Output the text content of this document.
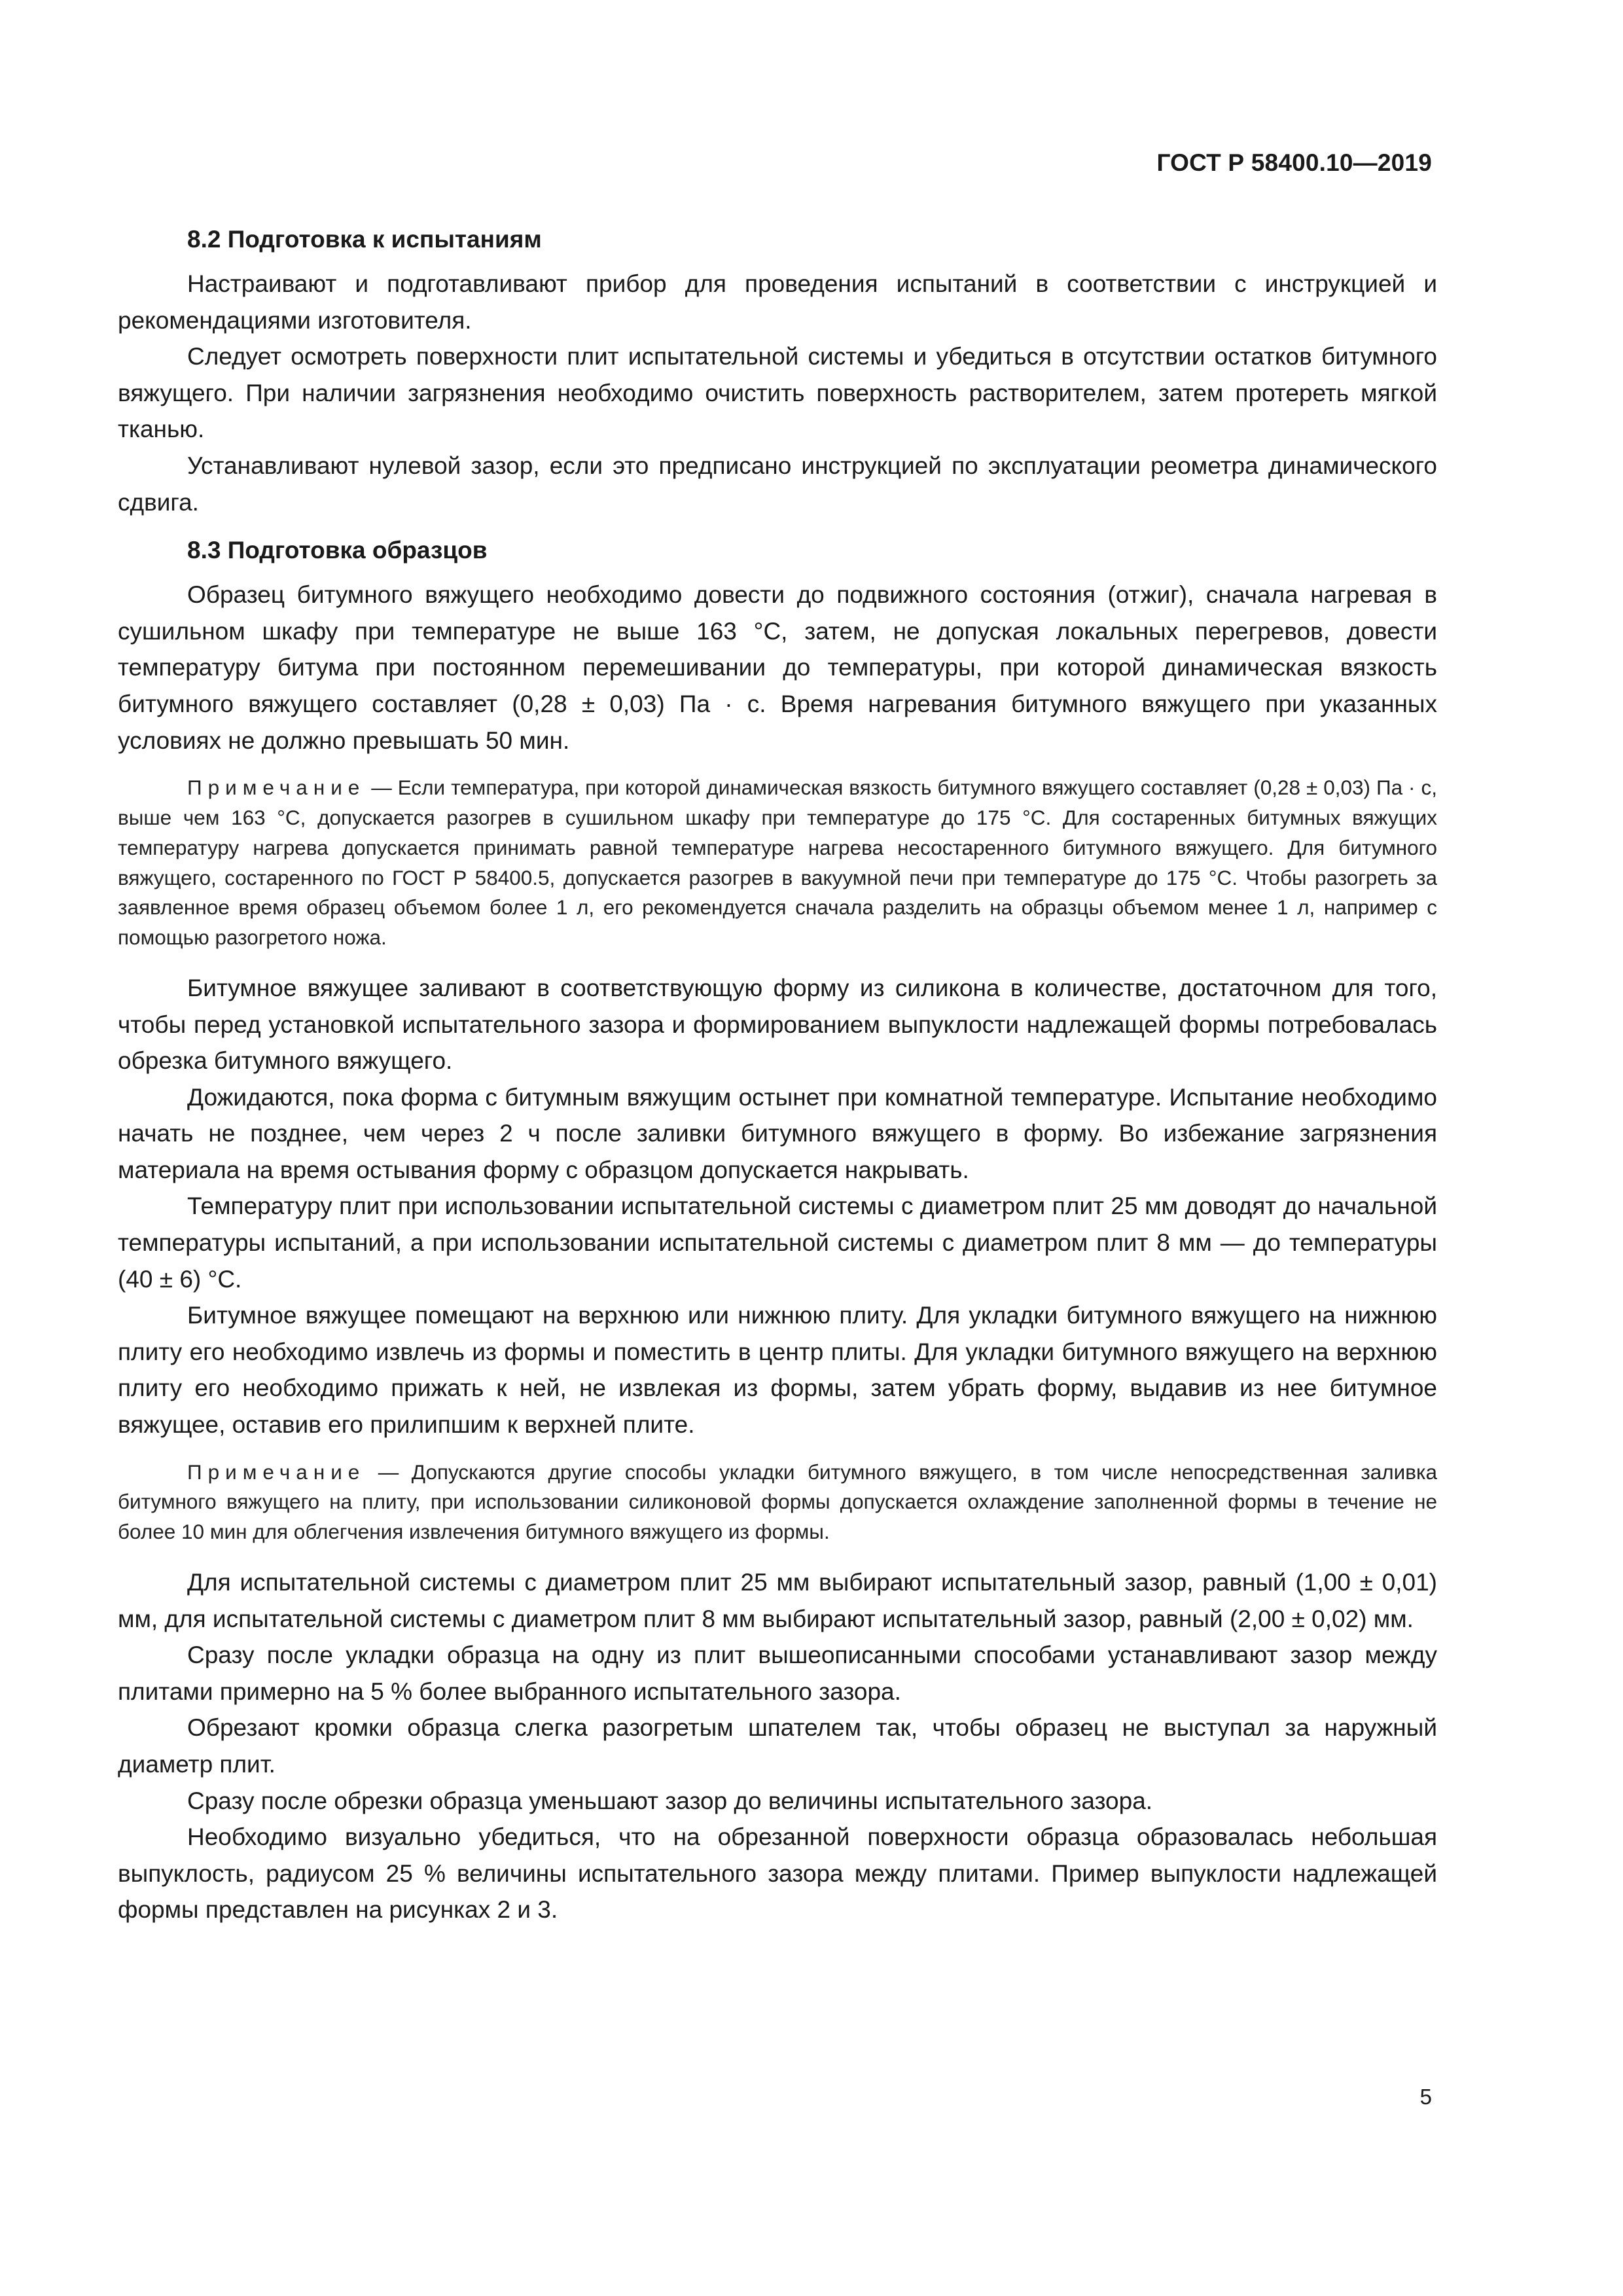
ГОСТ Р 58400.10—2019

8.2 Подготовка к испытаниям

Настраивают и подготавливают прибор для проведения испытаний в соответствии с инструкцией и рекомендациями изготовителя.

Следует осмотреть поверхности плит испытательной системы и убедиться в отсутствии остатков битумного вяжущего. При наличии загрязнения необходимо очистить поверхность растворителем, затем протереть мягкой тканью.

Устанавливают нулевой зазор, если это предписано инструкцией по эксплуатации реометра динамического сдвига.

8.3 Подготовка образцов

Образец битумного вяжущего необходимо довести до подвижного состояния (отжиг), сначала нагревая в сушильном шкафу при температуре не выше 163 °С, затем, не допуская локальных перегревов, довести температуру битума при постоянном перемешивании до температуры, при которой динамическая вязкость битумного вяжущего составляет (0,28 ± 0,03) Па · с. Время нагревания битумного вяжущего при указанных условиях не должно превышать 50 мин.

Примечание — Если температура, при которой динамическая вязкость битумного вяжущего составляет (0,28 ± 0,03) Па · с, выше чем 163 °С, допускается разогрев в сушильном шкафу при температуре до 175 °С. Для состаренных битумных вяжущих температуру нагрева допускается принимать равной температуре нагрева несостаренного битумного вяжущего. Для битумного вяжущего, состаренного по ГОСТ Р 58400.5, допускается разогрев в вакуумной печи при температуре до 175 °С. Чтобы разогреть за заявленное время образец объемом более 1 л, его рекомендуется сначала разделить на образцы объемом менее 1 л, например с помощью разогретого ножа.

Битумное вяжущее заливают в соответствующую форму из силикона в количестве, достаточном для того, чтобы перед установкой испытательного зазора и формированием выпуклости надлежащей формы потребовалась обрезка битумного вяжущего.

Дожидаются, пока форма с битумным вяжущим остынет при комнатной температуре. Испытание необходимо начать не позднее, чем через 2 ч после заливки битумного вяжущего в форму. Во избежание загрязнения материала на время остывания форму с образцом допускается накрывать.

Температуру плит при использовании испытательной системы с диаметром плит 25 мм доводят до начальной температуры испытаний, а при использовании испытательной системы с диаметром плит 8 мм — до температуры (40 ± 6) °С.

Битумное вяжущее помещают на верхнюю или нижнюю плиту. Для укладки битумного вяжущего на нижнюю плиту его необходимо извлечь из формы и поместить в центр плиты. Для укладки битумного вяжущего на верхнюю плиту его необходимо прижать к ней, не извлекая из формы, затем убрать форму, выдавив из нее битумное вяжущее, оставив его прилипшим к верхней плите.

Примечание — Допускаются другие способы укладки битумного вяжущего, в том числе непосредственная заливка битумного вяжущего на плиту, при использовании силиконовой формы допускается охлаждение заполненной формы в течение не более 10 мин для облегчения извлечения битумного вяжущего из формы.

Для испытательной системы с диаметром плит 25 мм выбирают испытательный зазор, равный (1,00 ± 0,01) мм, для испытательной системы с диаметром плит 8 мм выбирают испытательный зазор, равный (2,00 ± 0,02) мм.

Сразу после укладки образца на одну из плит вышеописанными способами устанавливают зазор между плитами примерно на 5 % более выбранного испытательного зазора.

Обрезают кромки образца слегка разогретым шпателем так, чтобы образец не выступал за наружный диаметр плит.

Сразу после обрезки образца уменьшают зазор до величины испытательного зазора.

Необходимо визуально убедиться, что на обрезанной поверхности образца образовалась небольшая выпуклость, радиусом 25 % величины испытательного зазора между плитами. Пример выпуклости надлежащей формы представлен на рисунках 2 и 3.

5
